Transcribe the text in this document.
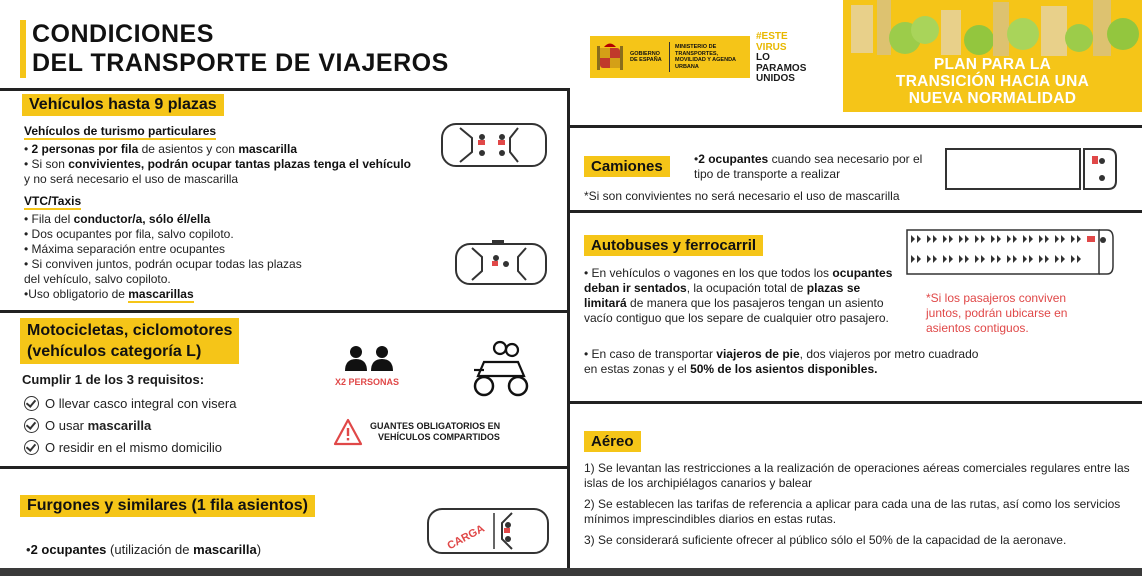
CONDICIONES
DEL TRANSPORTE DE VIAJEROS	GOBIERNO DE ESPAÑA
MINISTERIO DE TRANSPORTES, MOVILIDAD Y AGENDA URBANA
#ESTE
VIRUS
LO
PARAMOS
UNIDOS
PLAN PARA LA
TRANSICIÓN HACIA UNA
NUEVA NORMALIDAD
Vehículos hasta 9 plazas
Vehículos de turismo particulares
• 2 personas por fila de asientos y con mascarilla
• Si son convivientes, podrán ocupar tantas plazas tenga el vehículo y no será necesario el uso de mascarilla
VTC/Taxis
• Fila del conductor/a, sólo él/ella
• Dos ocupantes por fila, salvo copiloto.
• Máxima separación entre ocupantes
• Si conviven juntos, podrán ocupar todas las plazas del vehículo, salvo copiloto.
•Uso obligatorio de mascarillas
Motocicletas, ciclomotores
(vehículos categoría L)
Cumplir 1 de los 3 requisitos:
O llevar casco integral con visera
O usar mascarilla
O residir en el mismo domicilio
X2 PERSONAS
GUANTES OBLIGATORIOS EN
VEHÍCULOS COMPARTIDOS
Furgones y similares (1 fila asientos)
•2 ocupantes (utilización de mascarilla)	CARGA
Camiones	•2 ocupantes cuando sea necesario por el tipo de transporte a realizar
*Si son convivientes no será necesario el uso de mascarilla
Autobuses y ferrocarril
• En vehículos o vagones en los que todos los ocupantes deban ir sentados, la ocupación total de plazas se limitará de manera que los pasajeros tengan un asiento vacío contiguo que los separe de cualquier otro pasajero.
• En caso de transportar viajeros de pie, dos viajeros por metro cuadrado en estas zonas y el 50% de los asientos disponibles.
*Si los pasajeros conviven juntos, podrán ubicarse en asientos contiguos.
Aéreo
1) Se levantan las restricciones a la realización de operaciones aéreas comerciales regulares entre las islas de los archipiélagos canarios y balear
2) Se establecen las tarifas de referencia a aplicar para cada una de las rutas, así como los servicios mínimos imprescindibles diarios en estas rutas.
3) Se considerará suficiente ofrecer al público sólo el 50% de la capacidad de la aeronave.
